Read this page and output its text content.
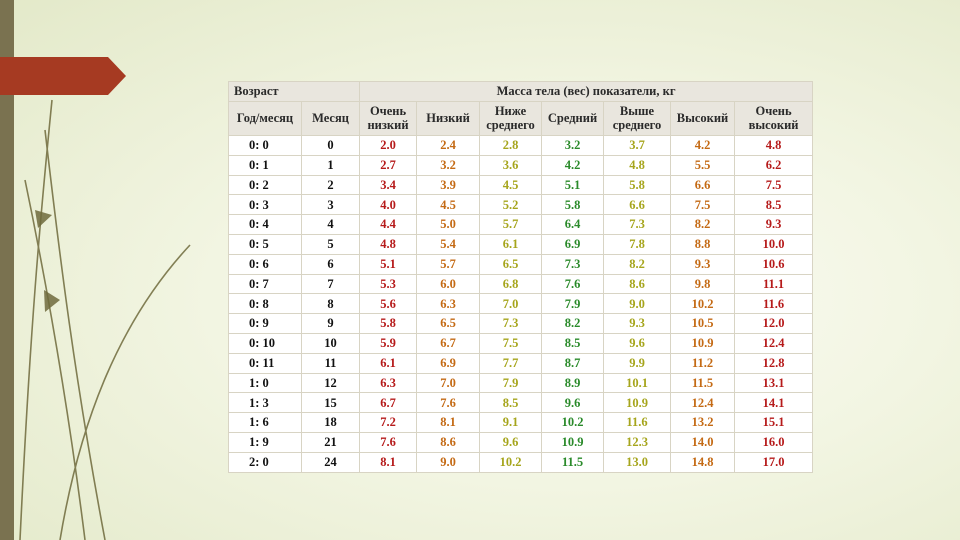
Возраст		Масса тела (вес) показатели, кг						
Год/месяц	Месяц	Очень низкий	Низкий	Ниже среднего	Средний	Выше среднего	Высокий	Очень высокий
0: 0	0	2.0	2.4	2.8	3.2	3.7	4.2	4.8
0: 1	1	2.7	3.2	3.6	4.2	4.8	5.5	6.2
0: 2	2	3.4	3.9	4.5	5.1	5.8	6.6	7.5
0: 3	3	4.0	4.5	5.2	5.8	6.6	7.5	8.5
0: 4	4	4.4	5.0	5.7	6.4	7.3	8.2	9.3
0: 5	5	4.8	5.4	6.1	6.9	7.8	8.8	10.0
0: 6	6	5.1	5.7	6.5	7.3	8.2	9.3	10.6
0: 7	7	5.3	6.0	6.8	7.6	8.6	9.8	11.1
0: 8	8	5.6	6.3	7.0	7.9	9.0	10.2	11.6
0: 9	9	5.8	6.5	7.3	8.2	9.3	10.5	12.0
0: 10	10	5.9	6.7	7.5	8.5	9.6	10.9	12.4
0: 11	11	6.1	6.9	7.7	8.7	9.9	11.2	12.8
1: 0	12	6.3	7.0	7.9	8.9	10.1	11.5	13.1
1: 3	15	6.7	7.6	8.5	9.6	10.9	12.4	14.1
1: 6	18	7.2	8.1	9.1	10.2	11.6	13.2	15.1
1: 9	21	7.6	8.6	9.6	10.9	12.3	14.0	16.0
2: 0	24	8.1	9.0	10.2	11.5	13.0	14.8	17.0
